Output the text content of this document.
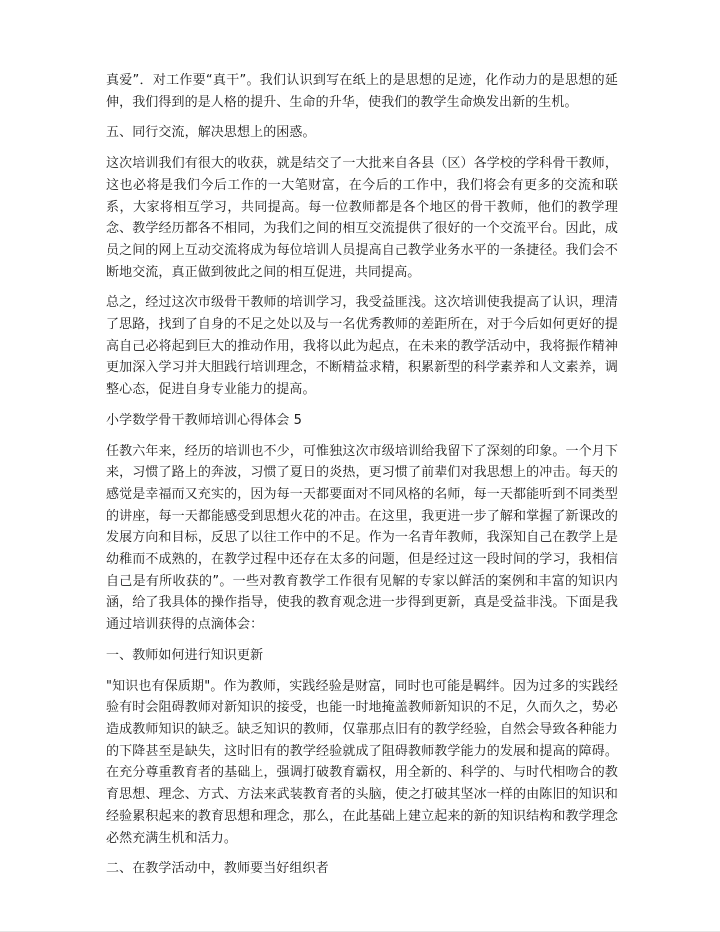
真爱”．对工作要“真干”。我们认识到写在纸上的是思想的足迹，化作动力的是思想的延伸，我们得到的是人格的提升、生命的升华，使我们的教学生命焕发出新的生机。

五、同行交流，解决思想上的困惑。

这次培训我们有很大的收获，就是结交了一大批来自各县（区）各学校的学科骨干教师，这也必将是我们今后工作的一大笔财富，在今后的工作中，我们将会有更多的交流和联系，大家将相互学习，共同提高。每一位教师都是各个地区的骨干教师，他们的教学理念、教学经历都各不相同，为我们之间的相互交流提供了很好的一个交流平台。因此，成员之间的网上互动交流将成为每位培训人员提高自己教学业务水平的一条捷径。我们会不断地交流，真正做到彼此之间的相互促进，共同提高。

总之，经过这次市级骨干教师的培训学习，我受益匪浅。这次培训使我提高了认识，理清了思路，找到了自身的不足之处以及与一名优秀教师的差距所在，对于今后如何更好的提高自己必将起到巨大的推动作用，我将以此为起点，在未来的教学活动中，我将振作精神更加深入学习并大胆践行培训理念，不断精益求精，积累新型的科学素养和人文素养，调整心态，促进自身专业能力的提高。

小学数学骨干教师培训心得体会 5

任教六年来，经历的培训也不少，可惟独这次市级培训给我留下了深刻的印象。一个月下来，习惯了路上的奔波，习惯了夏日的炎热，更习惯了前辈们对我思想上的冲击。每天的感觉是幸福而又充实的，因为每一天都要面对不同风格的名师，每一天都能听到不同类型的讲座，每一天都能感受到思想火花的冲击。在这里，我更进一步了解和掌握了新课改的发展方向和目标，反思了以往工作中的不足。作为一名青年教师，我深知自己在教学上是幼稚而不成熟的，在教学过程中还存在太多的问题，但是经过这一段时间的学习，我相信自己是有所收获的”。一些对教育教学工作很有见解的专家以鲜活的案例和丰富的知识内涵，给了我具体的操作指导，使我的教育观念进一步得到更新，真是受益非浅。下面是我通过培训获得的点滴体会：

一、教师如何进行知识更新

"知识也有保质期"。作为教师，实践经验是财富，同时也可能是羁绊。因为过多的实践经验有时会阻碍教师对新知识的接受，也能一时地掩盖教师新知识的不足，久而久之，势必造成教师知识的缺乏。缺乏知识的教师，仅靠那点旧有的教学经验，自然会导致各种能力的下降甚至是缺失，这时旧有的教学经验就成了阻碍教师教学能力的发展和提高的障碍。在充分尊重教育者的基础上，强调打破教育霸权，用全新的、科学的、与时代相吻合的教育思想、理念、方式、方法来武装教育者的头脑，使之打破其坚冰一样的由陈旧的知识和经验累积起来的教育思想和理念，那么，在此基础上建立起来的新的知识结构和教学理念必然充满生机和活力。

二、在教学活动中，教师要当好组织者
